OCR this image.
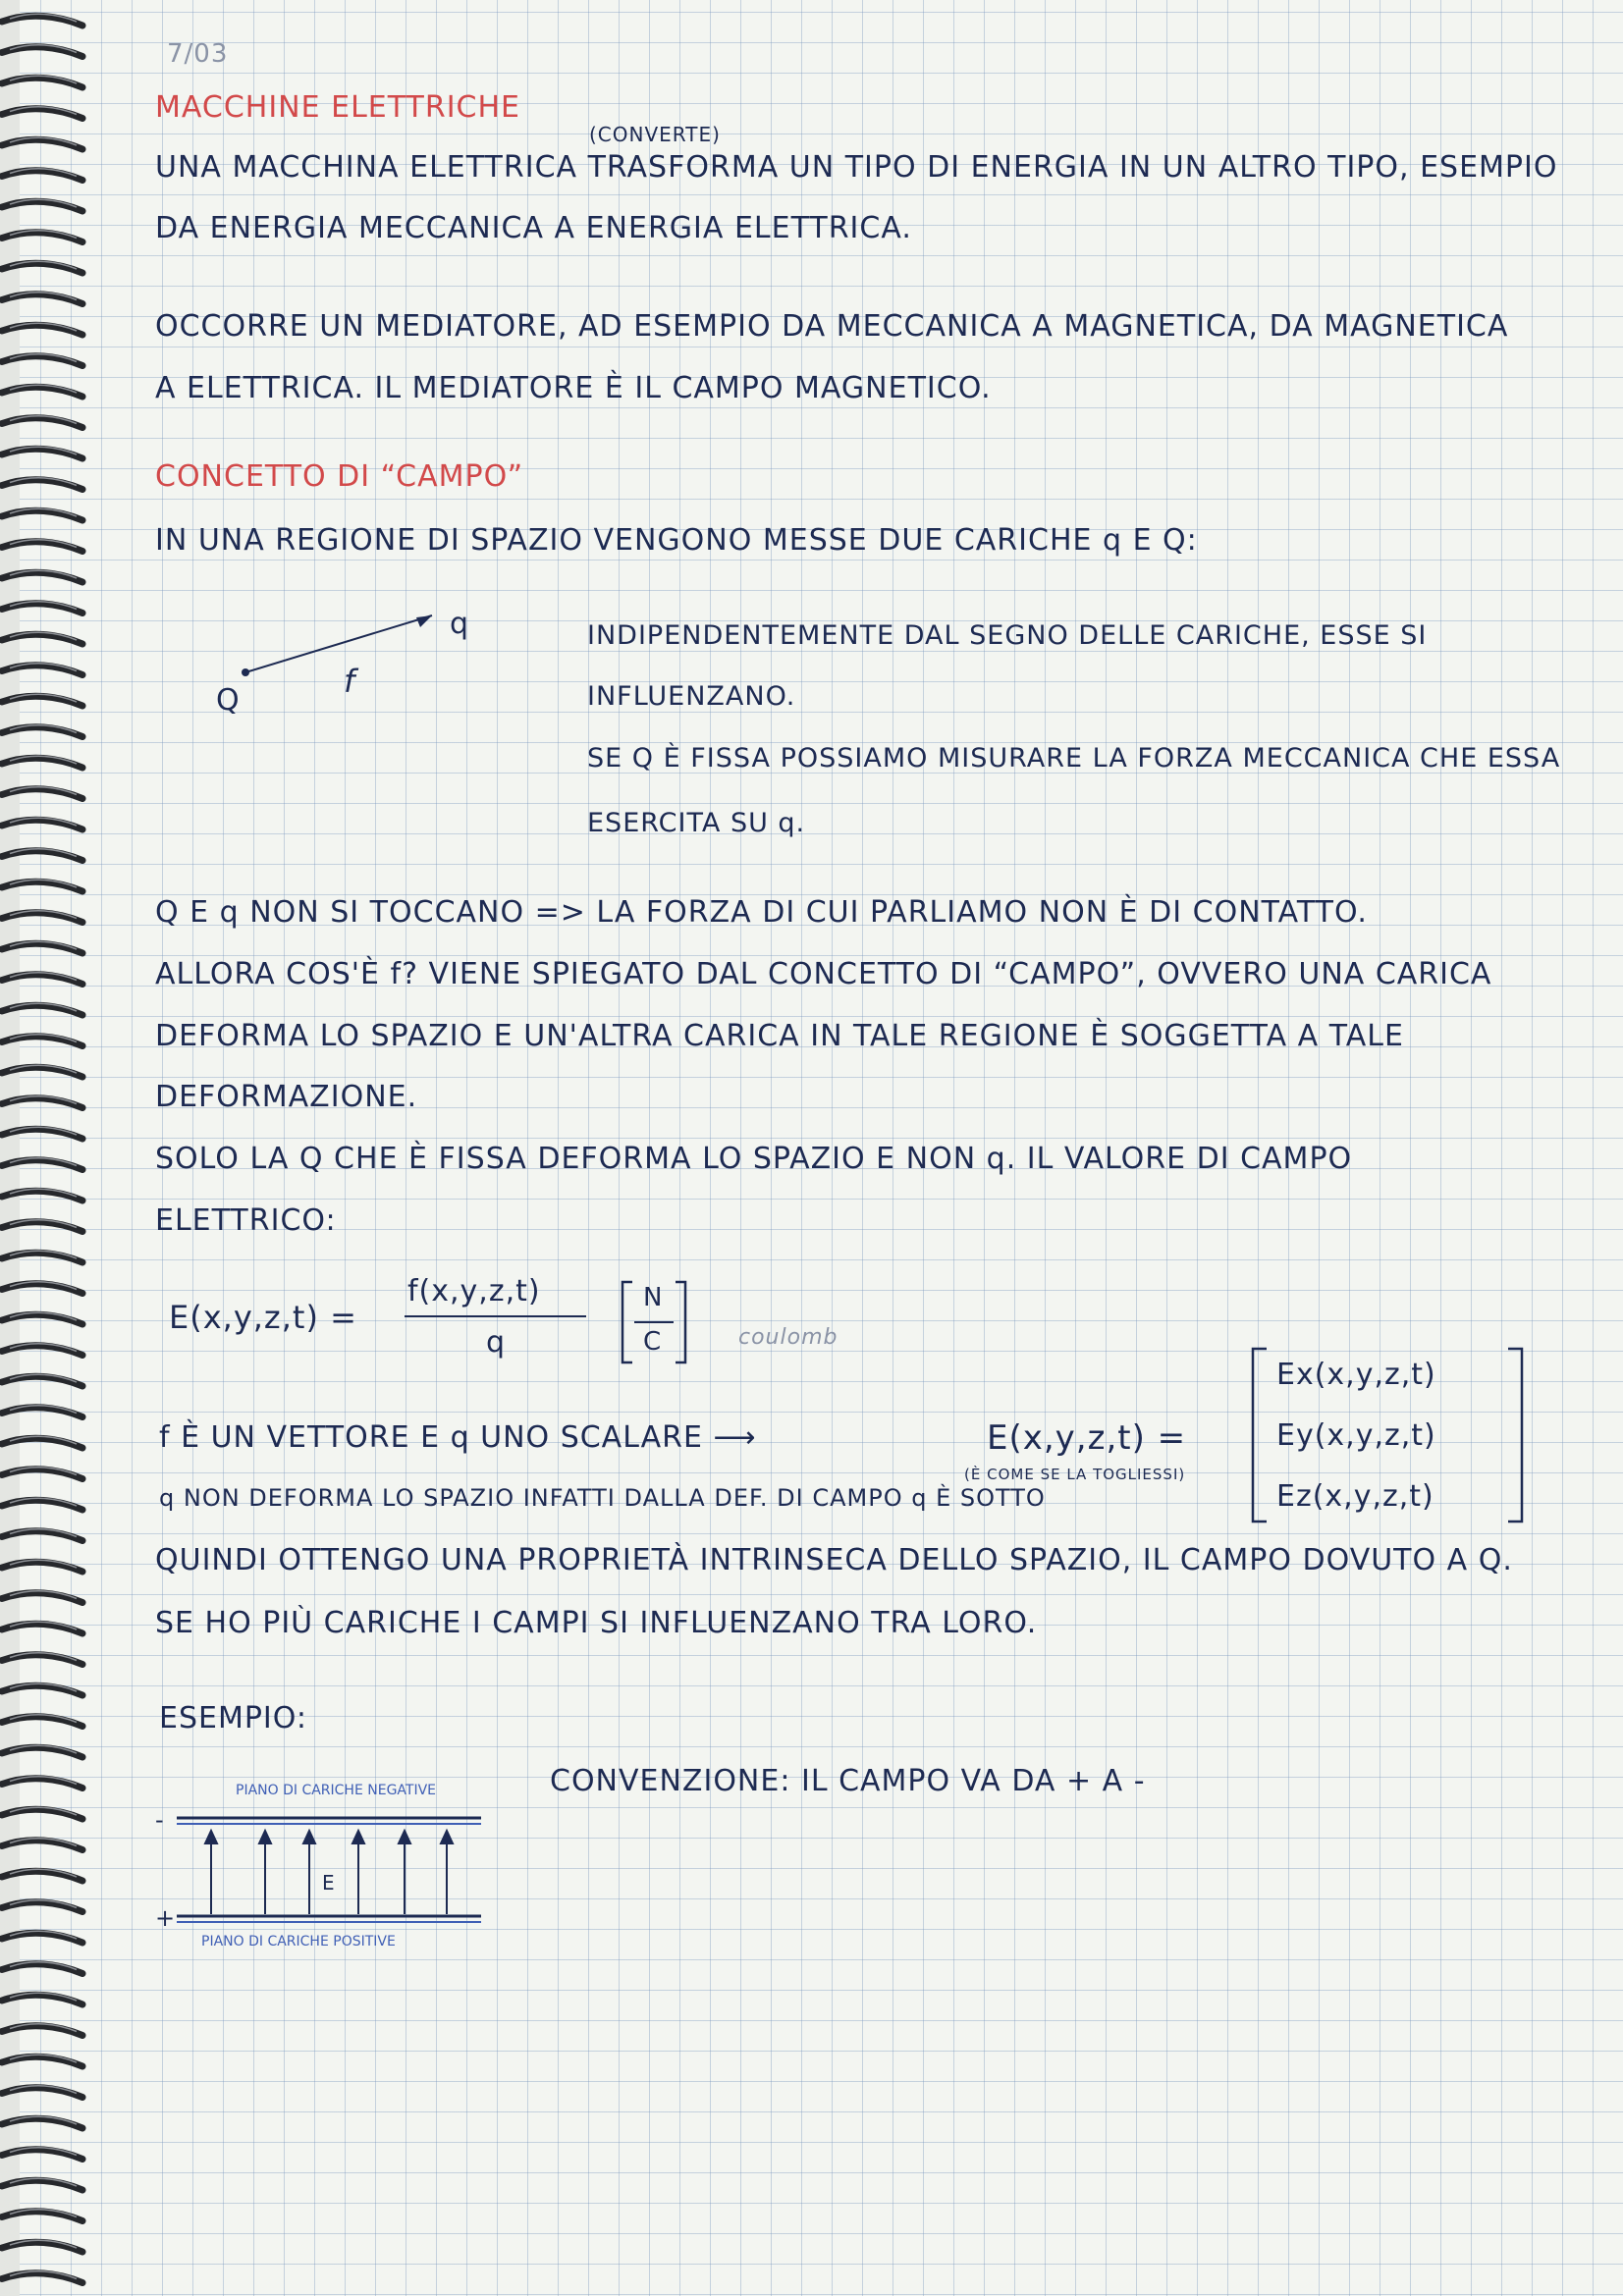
7/03
MACCHINE ELETTRICHE
(CONVERTE)
UNA MACCHINA ELETTRICA TRASFORMA UN TIPO DI ENERGIA IN UN ALTRO TIPO, ESEMPIO
DA ENERGIA MECCANICA A ENERGIA ELETTRICA.
OCCORRE UN MEDIATORE, AD ESEMPIO DA MECCANICA A MAGNETICA, DA MAGNETICA
A ELETTRICA. IL MEDIATORE È IL CAMPO MAGNETICO.
CONCETTO DI “CAMPO”
IN UNA REGIONE DI SPAZIO VENGONO MESSE DUE CARICHE q E Q:
q
Q
f
INDIPENDENTEMENTE DAL SEGNO DELLE CARICHE, ESSE SI
INFLUENZANO.
SE Q È FISSA POSSIAMO MISURARE LA FORZA MECCANICA CHE ESSA
ESERCITA SU q.
Q E q NON SI TOCCANO => LA FORZA DI CUI PARLIAMO NON È DI CONTATTO.
ALLORA COS'È f? VIENE SPIEGATO DAL CONCETTO DI “CAMPO”, OVVERO UNA CARICA
DEFORMA LO SPAZIO E UN'ALTRA CARICA IN TALE REGIONE È SOGGETTA A TALE
DEFORMAZIONE.
SOLO LA Q CHE È FISSA DEFORMA LO SPAZIO E NON q. IL VALORE DI CAMPO
ELETTRICO:
E(x,y,z,t) =
f(x,y,z,t)
q
N
C	coulomb
f È UN VETTORE E q UNO SCALARE ⟶	E(x,y,z,t) =
(È COME SE LA TOGLIESSI)
Ex(x,y,z,t)
Ey(x,y,z,t)
Ez(x,y,z,t)
q NON DEFORMA LO SPAZIO INFATTI DALLA DEF. DI CAMPO q È SOTTO
QUINDI OTTENGO UNA PROPRIETÀ INTRINSECA DELLO SPAZIO, IL CAMPO DOVUTO A Q.
SE HO PIÙ CARICHE I CAMPI SI INFLUENZANO TRA LORO.
ESEMPIO:
CONVENZIONE: IL CAMPO VA DA + A -
PIANO DI CARICHE NEGATIVE
-
E
+
PIANO DI CARICHE POSITIVE
